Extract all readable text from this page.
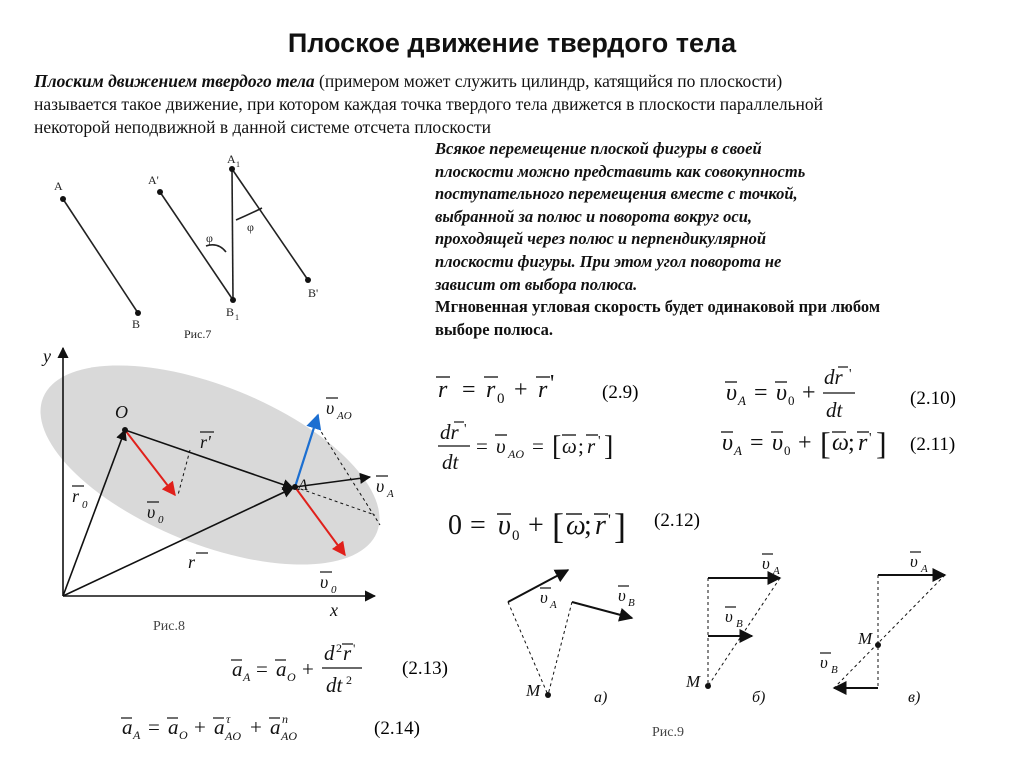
Плоское движение твердого тела
Плоским движением твердого тела (примером может служить цилиндр, катящийся по плоскости)
называется такое движение, при котором каждая точка твердого тела движется в плоскости параллельной
некоторой неподвижной в данной системе отсчета плоскости
Всякое перемещение плоской фигуры в своей
плоскости можно представить как совокупность
поступательного перемещения вместе с точкой,
выбранной за полюс и поворота вокруг оси,
проходящей через полюс и перпендикулярной
плоскости фигуры. При этом угол поворота не
зависит от выбора полюса.
Мгновенная угловая скорость будет одинаковой при любом
выборе полюса.
A
B
A'
B'
A 1
B 1
φ
φ
Рис.7
y
x
O
A
r
r 0
r'
υ 0
υ 0
υ A
υ AO
Рис.8
r = r 0 + r '	(2.9)	υ A = υ 0 +
dr '
dt	(2.10)
dr '
dt
= υ AO = [ ω ; r ' ]	υ A = υ 0 + [ ω ; r ' ] (2.11)
0 = υ 0 + [ ω
; r ' ] (2.12)
a A = a O +
d 2 r '
dt 2
(2.13)
a A = a O + a τ
AO + a n
AO	(2.14)
υ A	υ B
M
υ A
υ B
M
υ A
υ B
M
а)	б)	в)
Рис.9
